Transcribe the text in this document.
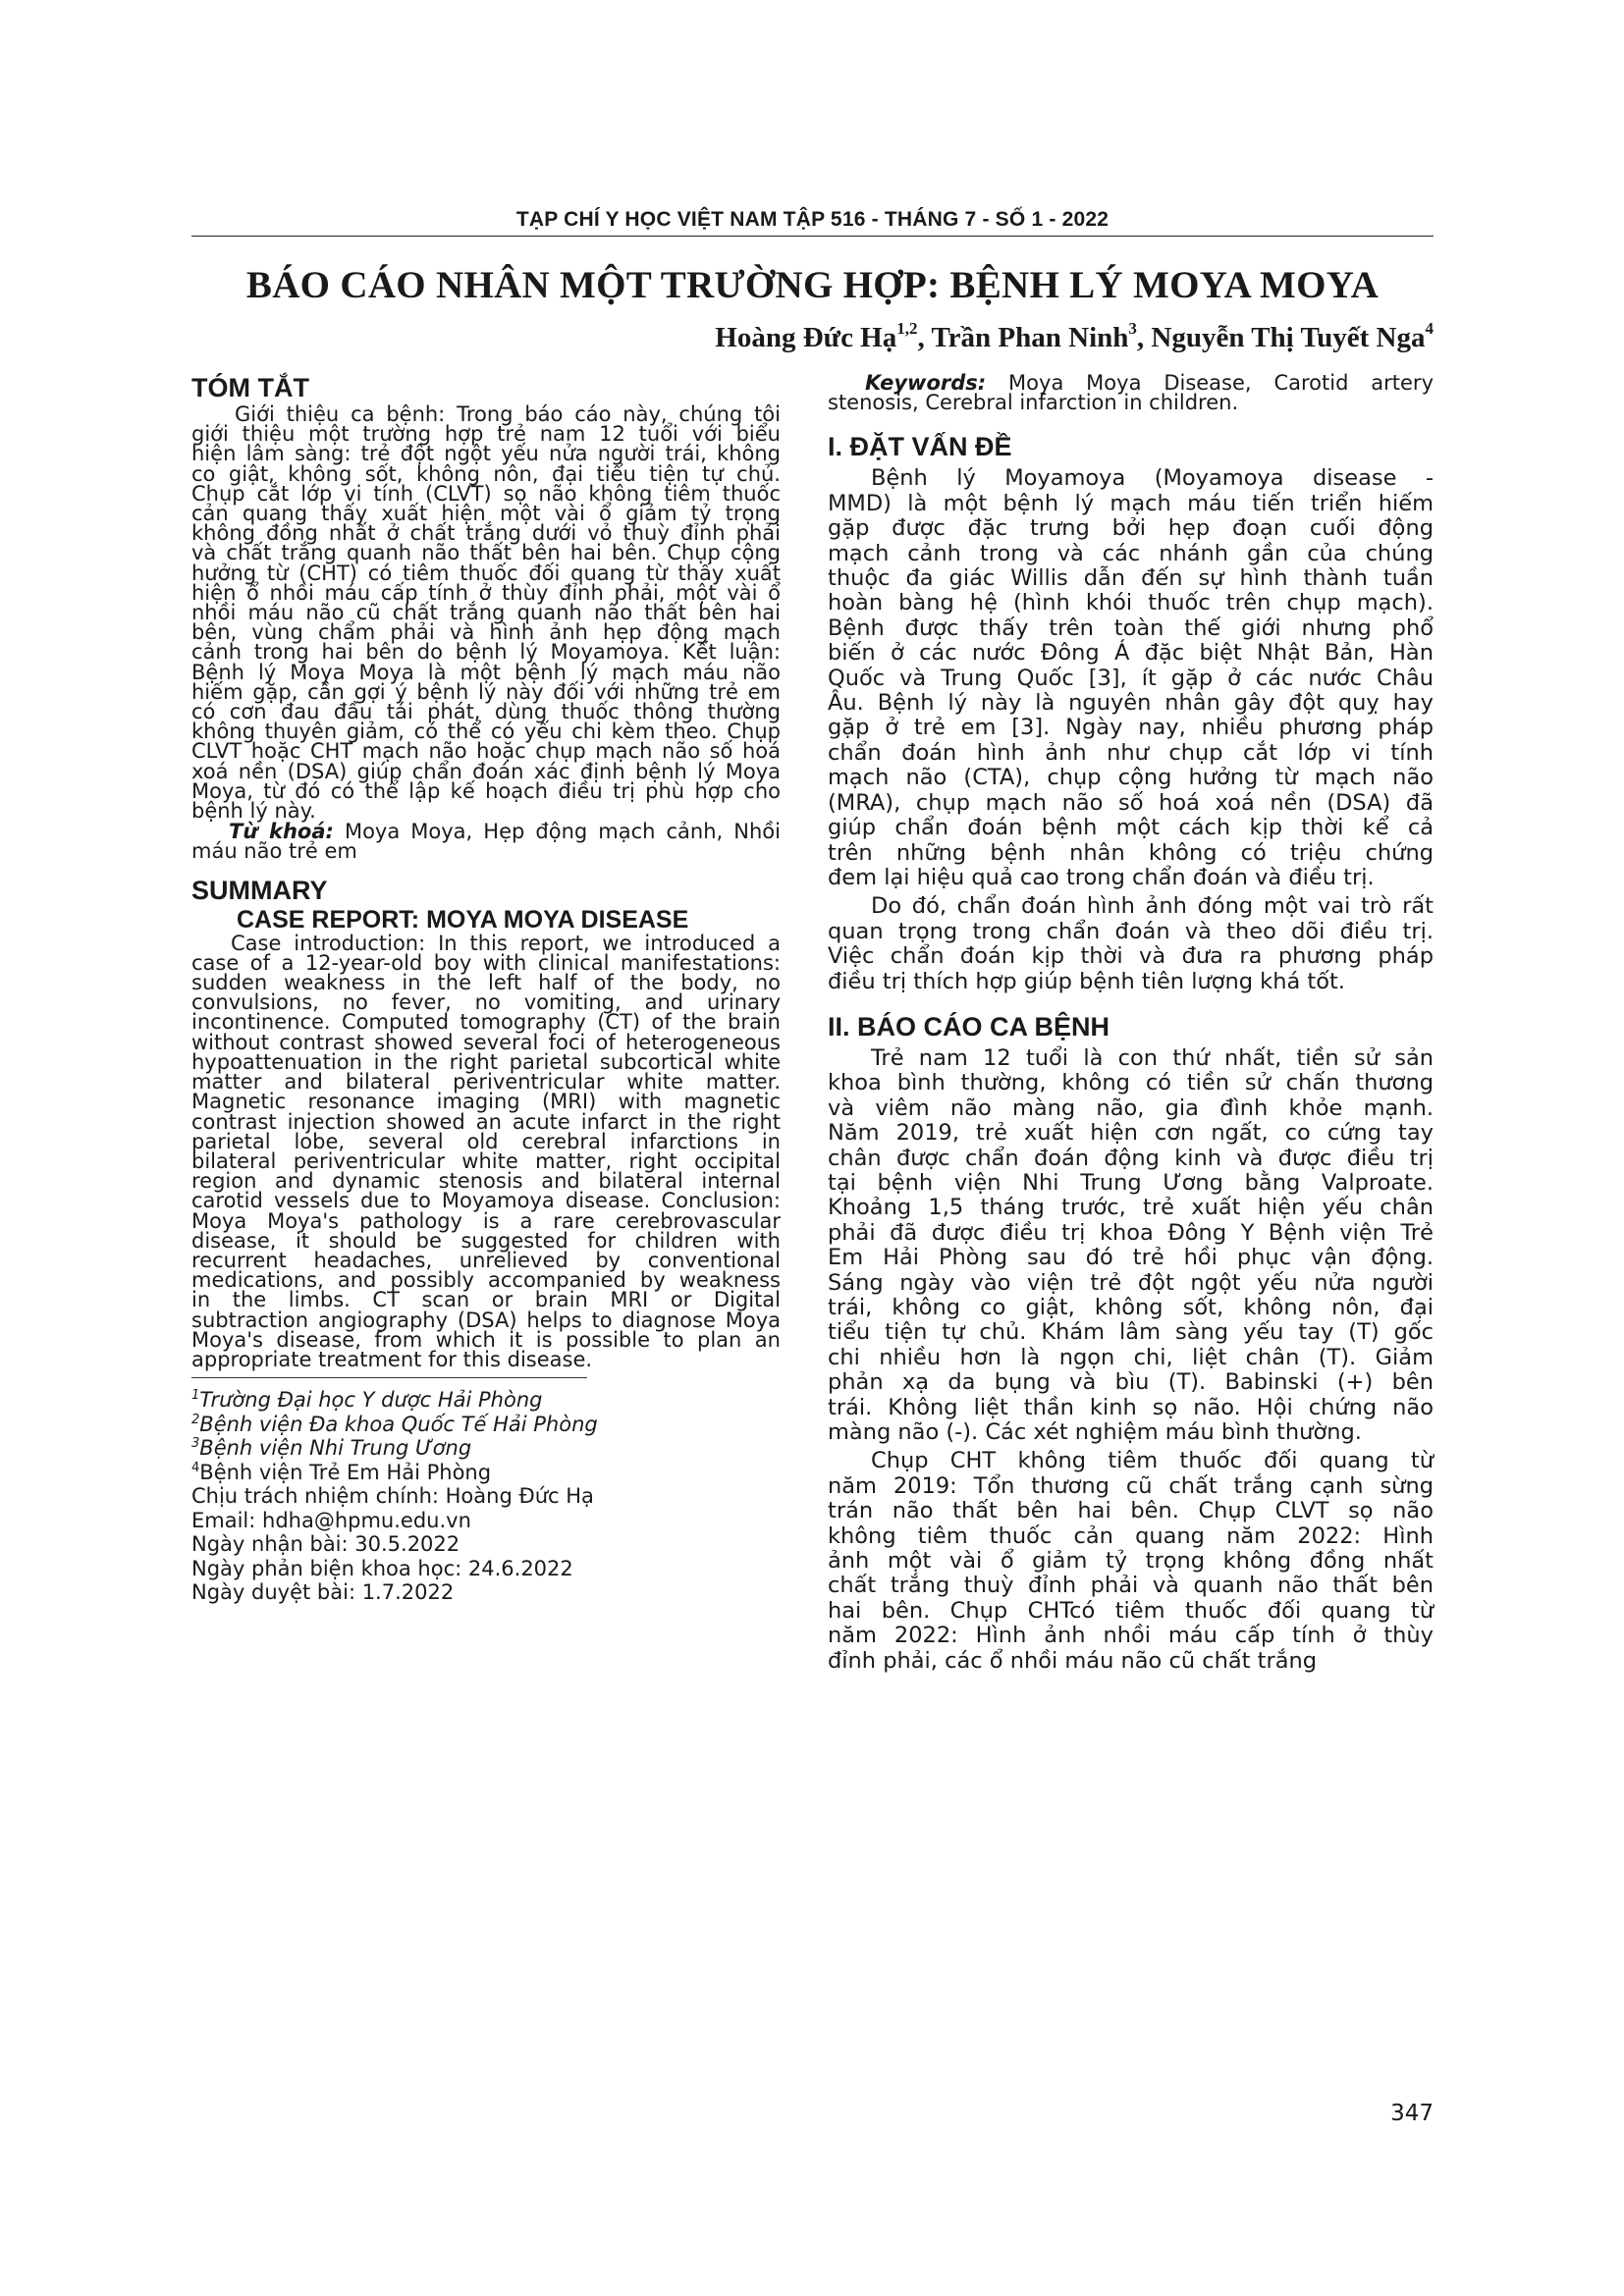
TẠP CHÍ Y HỌC VIỆT NAM TẬP 516 - THÁNG 7 - SỐ 1 - 2022
BÁO CÁO NHÂN MỘT TRƯỜNG HỢP: BỆNH LÝ MOYA MOYA
Hoàng Đức Hạ$^{1,2}$, Trần Phan Ninh$^3$, Nguyễn Thị Tuyết Nga$^4$
TÓM TẮT
Giới thiệu ca bệnh: Trong báo cáo này, chúng tôi
giới thiệu một trường hợp trẻ nam 12 tuổi với biểu
hiện lâm sàng: trẻ đột ngột yếu nửa người trái, không
co giật, không sốt, không nôn, đại tiểu tiện tự chủ.
Chụp cắt lớp vi tính (CLVT) sọ não không tiêm thuốc
cản quang thấy xuất hiện một vài ổ giảm tỷ trọng
không đồng nhất ở chất trắng dưới vỏ thuỳ đỉnh phải
và chất trắng quanh não thất bên hai bên. Chụp cộng
hưởng từ (CHT) có tiêm thuốc đối quang từ thấy xuất
hiện ổ nhồi máu cấp tính ở thùy đỉnh phải, một vài ổ
nhồi máu não cũ chất trắng quanh não thất bên hai
bên, vùng chẩm phải và hình ảnh hẹp động mạch
cảnh trong hai bên do bệnh lý Moyamoya. Kết luận:
Bệnh lý Moya Moya là một bệnh lý mạch máu não
hiếm gặp, cần gợi ý bệnh lý này đối với những trẻ em
có cơn đau đầu tái phát, dùng thuốc thông thường
không thuyên giảm, có thể có yếu chi kèm theo. Chụp
CLVT hoặc CHT mạch não hoặc chụp mạch não số hoá
xoá nền (DSA) giúp chẩn đoán xác định bệnh lý Moya
Moya, từ đó có thể lập kế hoạch điều trị phù hợp cho
bệnh lý này.
Từ khoá: Moya Moya, Hẹp động mạch cảnh, Nhồi
máu não trẻ em
SUMMARY
CASE REPORT: MOYA MOYA DISEASE
Case introduction: In this report, we introduced a
case of a 12-year-old boy with clinical manifestations:
sudden weakness in the left half of the body, no
convulsions, no fever, no vomiting, and urinary
incontinence. Computed tomography (CT) of the brain
without contrast showed several foci of heterogeneous
hypoattenuation in the right parietal subcortical white
matter and bilateral periventricular white matter.
Magnetic resonance imaging (MRI) with magnetic
contrast injection showed an acute infarct in the right
parietal lobe, several old cerebral infarctions in
bilateral periventricular white matter, right occipital
region and dynamic stenosis and bilateral internal
carotid vessels due to Moyamoya disease. Conclusion:
Moya Moya's pathology is a rare cerebrovascular
disease, it should be suggested for children with
recurrent headaches, unrelieved by conventional
medications, and possibly accompanied by weakness
in the limbs. CT scan or brain MRI or Digital
subtraction angiography (DSA) helps to diagnose Moya
Moya's disease, from which it is possible to plan an
appropriate treatment for this disease.
$^1$Trường Đại học Y dược Hải Phòng
$^2$Bệnh viện Đa khoa Quốc Tế Hải Phòng
$^3$Bệnh viện Nhi Trung Ương
$^4$Bệnh viện Trẻ Em Hải Phòng
Chịu trách nhiệm chính: Hoàng Đức Hạ
Email: hdha@hpmu.edu.vn
Ngày nhận bài: 30.5.2022
Ngày phản biện khoa học: 24.6.2022
Ngày duyệt bài: 1.7.2022
Keywords: Moya Moya Disease, Carotid artery
stenosis, Cerebral infarction in children.
I. ĐẶT VẤN ĐỀ
Bệnh lý Moyamoya (Moyamoya disease -
MMD) là một bệnh lý mạch máu tiến triển hiếm
gặp được đặc trưng bởi hẹp đoạn cuối động
mạch cảnh trong và các nhánh gần của chúng
thuộc đa giác Willis dẫn đến sự hình thành tuần
hoàn bàng hệ (hình khói thuốc trên chụp mạch).
Bệnh được thấy trên toàn thế giới nhưng phổ
biến ở các nước Đông Á đặc biệt Nhật Bản, Hàn
Quốc và Trung Quốc [3], ít gặp ở các nước Châu
Âu. Bệnh lý này là nguyên nhân gây đột quỵ hay
gặp ở trẻ em [3]. Ngày nay, nhiều phương pháp
chẩn đoán hình ảnh như chụp cắt lớp vi tính
mạch não (CTA), chụp cộng hưởng từ mạch não
(MRA), chụp mạch não số hoá xoá nền (DSA) đã
giúp chẩn đoán bệnh một cách kịp thời kể cả
trên những bệnh nhân không có triệu chứng
đem lại hiệu quả cao trong chẩn đoán và điều trị.
Do đó, chẩn đoán hình ảnh đóng một vai trò rất
quan trọng trong chẩn đoán và theo dõi điều trị.
Việc chẩn đoán kịp thời và đưa ra phương pháp
điều trị thích hợp giúp bệnh tiên lượng khá tốt.
II. BÁO CÁO CA BỆNH
Trẻ nam 12 tuổi là con thứ nhất, tiền sử sản
khoa bình thường, không có tiền sử chấn thương
và viêm não màng não, gia đình khỏe mạnh.
Năm 2019, trẻ xuất hiện cơn ngất, co cứng tay
chân được chẩn đoán động kinh và được điều trị
tại bệnh viện Nhi Trung Ương bằng Valproate.
Khoảng 1,5 tháng trước, trẻ xuất hiện yếu chân
phải đã được điều trị khoa Đông Y Bệnh viện Trẻ
Em Hải Phòng sau đó trẻ hồi phục vận động.
Sáng ngày vào viện trẻ đột ngột yếu nửa người
trái, không co giật, không sốt, không nôn, đại
tiểu tiện tự chủ. Khám lâm sàng yếu tay (T) gốc
chi nhiều hơn là ngọn chi, liệt chân (T). Giảm
phản xạ da bụng và bìu (T). Babinski (+) bên
trái. Không liệt thần kinh sọ não. Hội chứng não
màng não (-). Các xét nghiệm máu bình thường.
Chụp CHT không tiêm thuốc đối quang từ
năm 2019: Tổn thương cũ chất trắng cạnh sừng
trán não thất bên hai bên. Chụp CLVT sọ não
không tiêm thuốc cản quang năm 2022: Hình
ảnh một vài ổ giảm tỷ trọng không đồng nhất
chất trắng thuỳ đỉnh phải và quanh não thất bên
hai bên. Chụp CHTcó tiêm thuốc đối quang từ
năm 2022: Hình ảnh nhồi máu cấp tính ở thùy
đỉnh phải, các ổ nhồi máu não cũ chất trắng
347
